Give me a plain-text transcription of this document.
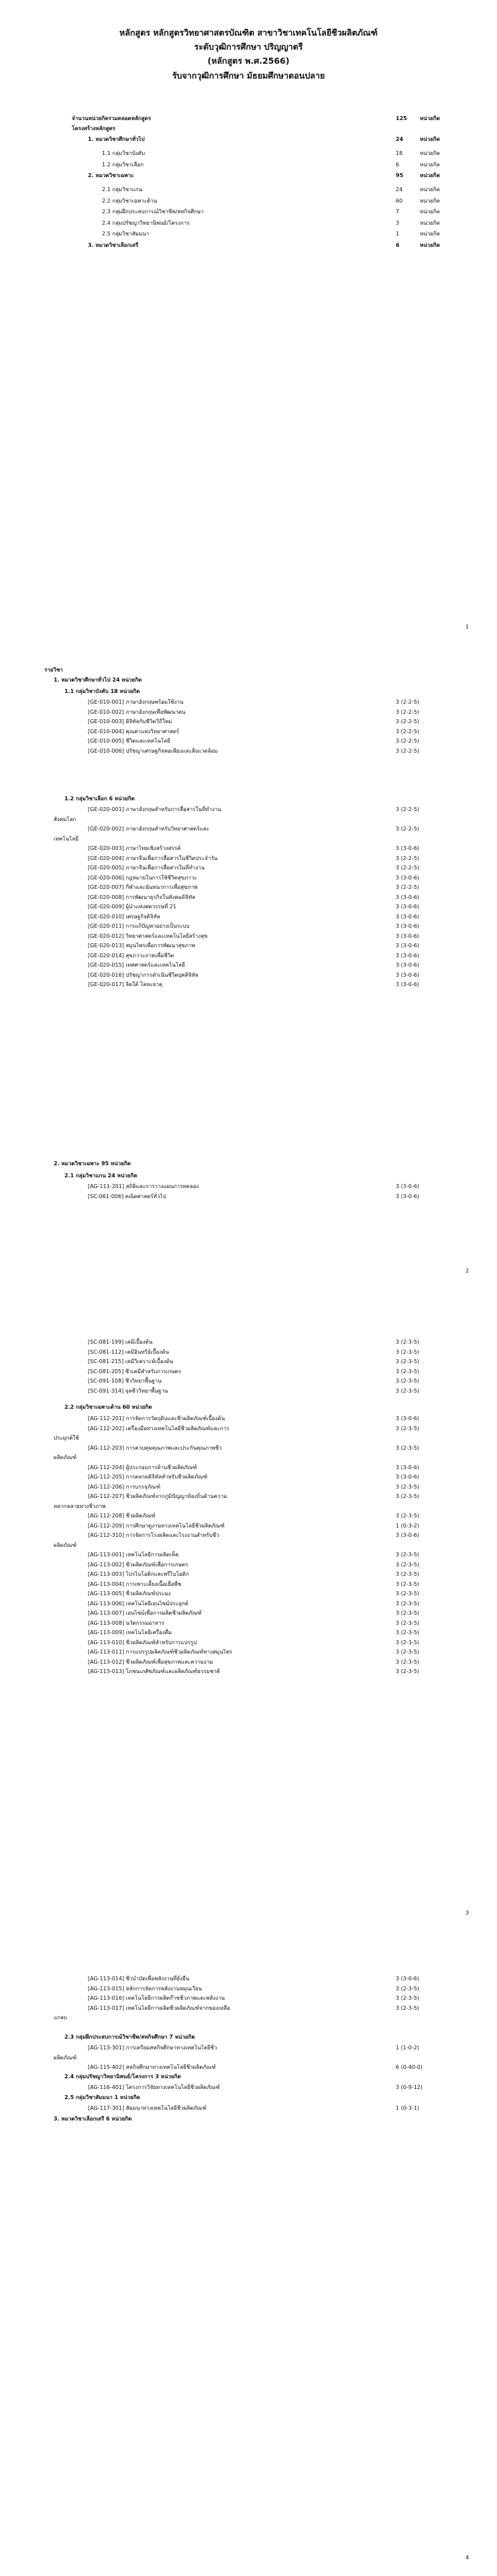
หลักสูตร หลักสูตรวิทยาศาสตรบัณฑิต สาขาวิชาเทคโนโลยีชีวผลิตภัณฑ์
ระดับวุฒิการศึกษา ปริญญาตรี
(หลักสูตร พ.ศ.2566)
รับจากวุฒิการศึกษา มัธยมศึกษาตอนปลาย
จำนวนหน่วยกิตรวมตลอดหลักสูตร	125 หน่วยกิต
โครงสร้างหลักสูตร
1. หมวดวิชาศึกษาทั่วไป	24	หน่วยกิต
1.1 กลุ่มวิชาบังคับ	18	หน่วยกิต
1.2 กลุ่มวิชาเลือก	6	หน่วยกิต
2. หมวดวิชาเฉพาะ	95	หน่วยกิต
2.1 กลุ่มวิชาแกน	24	หน่วยกิต
2.2 กลุ่มวิชาเฉพาะด้าน	60	หน่วยกิต
2.3 กลุ่มฝึกประสบการณ์วิชาชีพ/สหกิจศึกษา	7	หน่วยกิต
2.4 กลุ่มปรัชญาวิทยานิพนธ์/โครงการ	3	หน่วยกิต
2.5 กลุ่มวิชาสัมมนา	1	หน่วยกิต
3. หมวดวิชาเลือกเสรี	6	หน่วยกิต
1
รายวิชา
1. หมวดวิชาศึกษาทั่วไป 24 หน่วยกิต
1.1 กลุ่มวิชาบังคับ 18 หน่วยกิต
[GE-010-001] ภาษาอังกฤษพร้อมใช้งาน	3 (2-2-5)
[GE-010-002] ภาษาอังกฤษเพื่อพัฒนาตน	3 (2-2-5)
[GE-010-003] ดิจิทัลกับชีวิตวิถีใหม่	3 (2-2-5)
[GE-010-004] คุณค่าแห่งวิทยาศาสตร์	3 (2-2-5)
[GE-010-005] ชีวิตและเทคโนโลยี	3 (2-2-5)
[GE-010-006] ปรัชญาเศรษฐกิจพอเพียงและสิ่งแวดล้อม	3 (2-2-5)
1.2 กลุ่มวิชาเลือก 6 หน่วยกิต
[GE-020-001] ภาษาอังกฤษสำหรับการสื่อสารในที่ทำงาน	3 (2-2-5)
สังคมโลก
[GE-020-002] ภาษาอังกฤษสำหรับวิทยาศาสตร์และ	3 (2-2-5)
เทคโนโลยี
[GE-020-003] ภาษาไทยเชิงสร้างสรรค์	3 (3-0-6)
[GE-020-004] ภาษาจีนเพื่อการสื่อสารในชีวิตประจำวัน	3 (2-2-5)
[GE-020-005] ภาษาจีนเพื่อการสื่อสารในที่ทำงาน	3 (2-2-5)
[GE-020-006] กฎหมายในการใช้ชีวิตสุขภาวะ	3 (3-0-6)
[GE-020-007] กีฬาและนันทนาการเพื่อสุขภาพ	3 (2-2-5)
[GE-020-008] การพัฒนาธุรกิจในสังคมดิจิทัล	3 (3-0-6)
[GE-020-009] ผู้นำแห่งศตวรรษที่ 21	3 (3-0-6)
[GE-020-010] เศรษฐกิจดิจิทัล	3 (3-0-6)
[GE-020-011] การแก้ปัญหาอย่างเป็นระบบ	3 (3-0-6)
[GE-020-012] วิทยาศาสตร์และเทคโนโลยีสร้างสุข	3 (3-0-6)
[GE-020-013] สมุนไพรเพื่อการพัฒนาสุขภาพ	3 (3-0-6)
[GE-020-014] สุขภาวะภาคเพื่อชีวิต	3 (3-0-6)
[GE-020-015] เทศศาสตร์และเทคโนโลยี	3 (3-0-6)
[GE-020-016] ปรัชญาการดำเนินชีวิตยุคดิจิทัล	3 (3-0-6)
[GE-020-017] จิตใต้ โลหะธาตุ	3 (3-0-6)
2. หมวดวิชาเฉพาะ 95 หน่วยกิต
2.1 กลุ่มวิชาแกน 24 หน่วยกิต
[AG-111-201] สถิติและการวางแผนการทดลอง	3 (3-0-6)
[SC-061-006] คณิตศาสตร์ทั่วไป	3 (3-0-6)
2
[SC-081-199] เคมีเบื้องต้น	3 (2-3-5)
[SC-081-112] เคมีอินทรีย์เบื้องต้น	3 (2-3-5)
[SC-081-215] เคมีวิเคราะห์เบื้องต้น	3 (2-3-5)
[SC-081-205] ชีวเคมีสำหรับการเกษตร	3 (2-3-5)
[SC-091-108] ชีววิทยาพื้นฐาน	3 (2-3-5)
[SC-091-314] จุลชีววิทยาพื้นฐาน	3 (2-3-5)
2.2 กลุ่มวิชาเฉพาะด้าน 60 หน่วยกิต
[AG-112-201] การจัดการวัตถุดิบและชีวผลิตภัณฑ์เบื้องต้น	3 (3-0-6)
[AG-112-202] เครื่องมือทางเทคโนโลยีชีวผลิตภัณฑ์และการ	3 (2-3-5)
ประยุกต์ใช้
[AG-112-203] การควบคุมคุณภาพและประกันคุณภาพชีว	3 (2-3-5)
ผลิตภัณฑ์
[AG-112-204] ผู้ประกอบการด้านชีวผลิตภัณฑ์	3 (3-0-6)
[AG-112-205] การตลาดดิจิทัลสำหรับชีวผลิตภัณฑ์	3 (3-0-6)
[AG-112-206] การบรรจุภัณฑ์	3 (2-3-5)
[AG-112-207] ชีวผลิตภัณฑ์จากภูมิปัญญาท้องถิ่นด้านความ	3 (2-3-5)
หลากหลายทางชีวภาพ
[AG-112-208] ชีวผลิตภัณฑ์	3 (2-3-5)
[AG-112-209] การศึกษาดูงานทางเทคโนโลยีชีวผลิตภัณฑ์	1 (0-3-2)
[AG-112-310] การจัดการโรงผลิตและโรงงานสำหรับชีว	3 (3-0-6)
ผลิตภัณฑ์
[AG-113-001] เทคโนโลยีการผลิตเห็ด	3 (2-3-5)
[AG-113-002] ชีวผลิตภัณฑ์เพื่อการเกษตร	3 (2-3-5)
[AG-113-003] โปรไบโอติกและพรีไบโอติก	3 (2-3-5)
[AG-113-004] การเพาะเลี้ยงเนื้อเยื่อพืช	3 (2-3-5)
[AG-113-005] ชีวผลิตภัณฑ์ประมง	3 (2-3-5)
[AG-113-006] เทคโนโลยีเอนไซม์ประยุกต์	3 (2-3-5)
[AG-113-007] เอนไซม์เพื่อการผลิตชีวผลิตภัณฑ์	3 (2-3-5)
[AG-113-008] นวัตกรรมอาหาร	3 (2-3-5)
[AG-113-009] เทคโนโลยีเครื่องดื่ม	3 (2-3-5)
[AG-113-010] ชีวผลิตภัณฑ์สำหรับการแปรรูป	3 (2-3-5)
[AG-113-011] การแปรรูปผลิตภัณฑ์ชีวผลิตภัณฑ์ทางสมุนไพร	3 (2-3-5)
[AG-113-012] ชีวผลิตภัณฑ์เพื่อสุขภาพและความงาม	3 (2-3-5)
[AG-113-013] โภชนเภสัชภัณฑ์และผลิตภัณฑ์ธรรมชาติ	3 (2-3-5)
3
[AG-113-014] ชีวบำบัดเพื่อพลังงานที่ยั่งยืน	3 (3-0-6)
[AG-113-015] หลักการจัดการพลังงานหมุนเวียน	3 (2-3-5)
[AG-113-016] เทคโนโลยีการผลิตก๊าซชีวภาพและพลังงาน	3 (2-3-5)
[AG-113-017] เทคโนโลยีการผลิตชีวผลิตภัณฑ์จากของเหลือ	3 (2-3-5)
แกลบ
2.3 กลุ่มฝึกประสบการณ์วิชาชีพ/สหกิจศึกษา 7 หน่วยกิต
[AG-113-301] การเตรียมสหกิจศึกษาทางเทคโนโลยีชีว	1 (1-0-2)
ผลิตภัณฑ์
[AG-115-402] สหกิจศึกษาทางเทคโนโลยีชีวผลิตภัณฑ์	6 (0-40-0)
2.4 กลุ่มปรัชญาวิทยานิพนธ์/โครงการ 3 หน่วยกิต
[AG-116-401] โครงการวิจัยทางเทคโนโลยีชีวผลิตภัณฑ์	3 (0-9-12)
2.5 กลุ่มวิชาสัมมนา 1 หน่วยกิต
[AG-117-301] สัมมนาทางเทคโนโลยีชีวผลิตภัณฑ์	1 (0-3-1)
3. หมวดวิชาเลือกเสรี 6 หน่วยกิต
4
